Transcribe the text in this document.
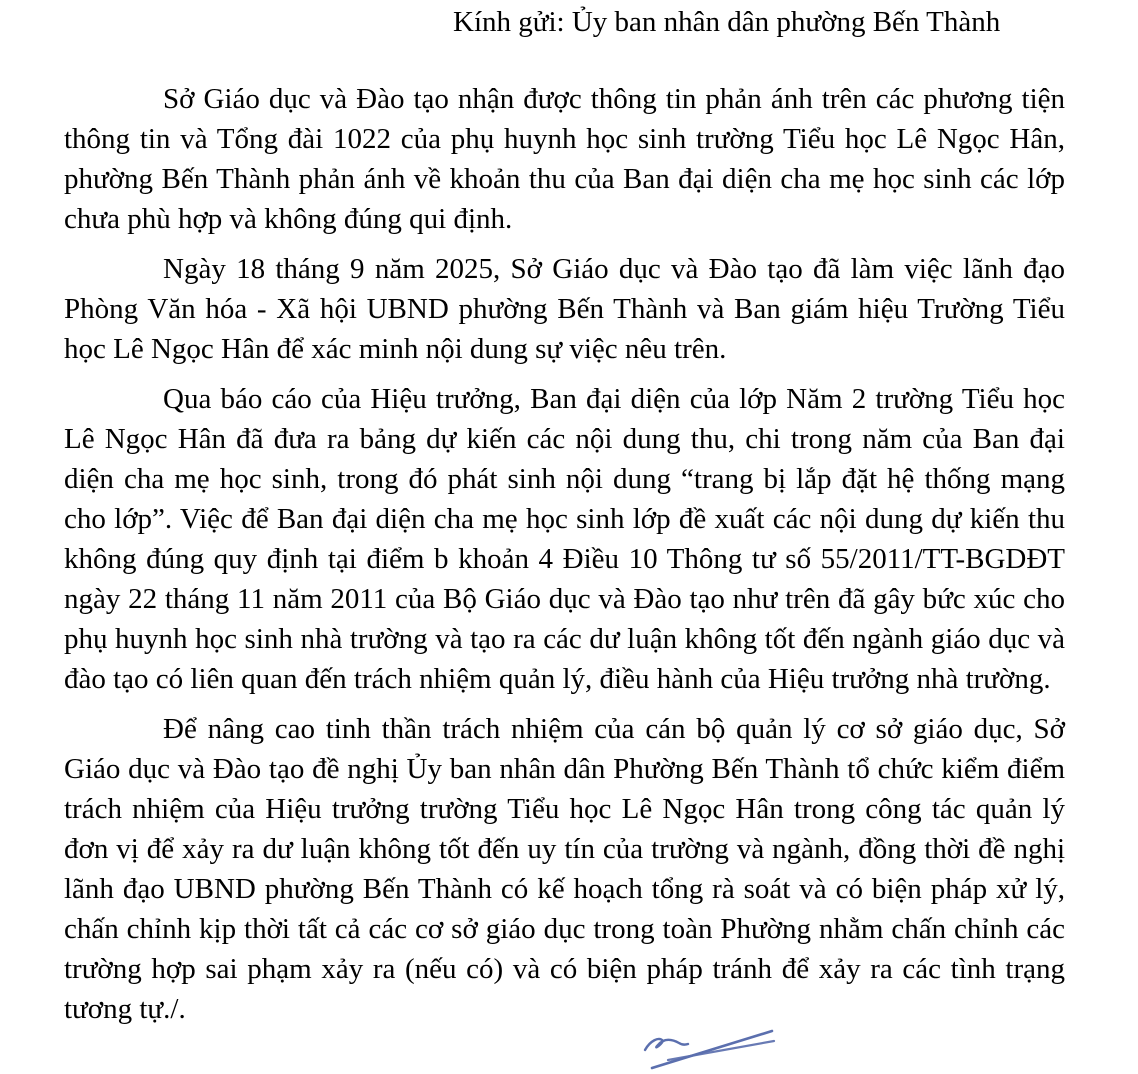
Kính gửi: Ủy ban nhân dân phường Bến Thành

Sở Giáo dục và Đào tạo nhận được thông tin phản ánh trên các phương tiện thông tin và Tổng đài 1022 của phụ huynh học sinh trường Tiểu học Lê Ngọc Hân, phường Bến Thành phản ánh về khoản thu của Ban đại diện cha mẹ học sinh các lớp chưa phù hợp và không đúng qui định.

Ngày 18 tháng 9 năm 2025, Sở Giáo dục và Đào tạo đã làm việc lãnh đạo Phòng Văn hóa - Xã hội UBND phường Bến Thành và Ban giám hiệu Trường Tiểu học Lê Ngọc Hân để xác minh nội dung sự việc nêu trên.

Qua báo cáo của Hiệu trưởng, Ban đại diện của lớp Năm 2 trường Tiểu học Lê Ngọc Hân đã đưa ra bảng dự kiến các nội dung thu, chi trong năm của Ban đại diện cha mẹ học sinh, trong đó phát sinh nội dung “trang bị lắp đặt hệ thống mạng cho lớp”. Việc để Ban đại diện cha mẹ học sinh lớp đề xuất các nội dung dự kiến thu không đúng quy định tại điểm b khoản 4 Điều 10 Thông tư số 55/2011/TT-BGDĐT ngày 22 tháng 11 năm 2011 của Bộ Giáo dục và Đào tạo như trên đã gây bức xúc cho phụ huynh học sinh nhà trường và tạo ra các dư luận không tốt đến ngành giáo dục và đào tạo có liên quan đến trách nhiệm quản lý, điều hành của Hiệu trưởng nhà trường.

Để nâng cao tinh thần trách nhiệm của cán bộ quản lý cơ sở giáo dục, Sở Giáo dục và Đào tạo đề nghị Ủy ban nhân dân Phường Bến Thành tổ chức kiểm điểm trách nhiệm của Hiệu trưởng trường Tiểu học Lê Ngọc Hân trong công tác quản lý đơn vị để xảy ra dư luận không tốt đến uy tín của trường và ngành, đồng thời đề nghị lãnh đạo UBND phường Bến Thành có kế hoạch tổng rà soát và có biện pháp xử lý, chấn chỉnh kịp thời tất cả các cơ sở giáo dục trong toàn Phường nhằm chấn chỉnh các trường hợp sai phạm xảy ra (nếu có) và có biện pháp tránh để xảy ra các tình trạng tương tự./.
